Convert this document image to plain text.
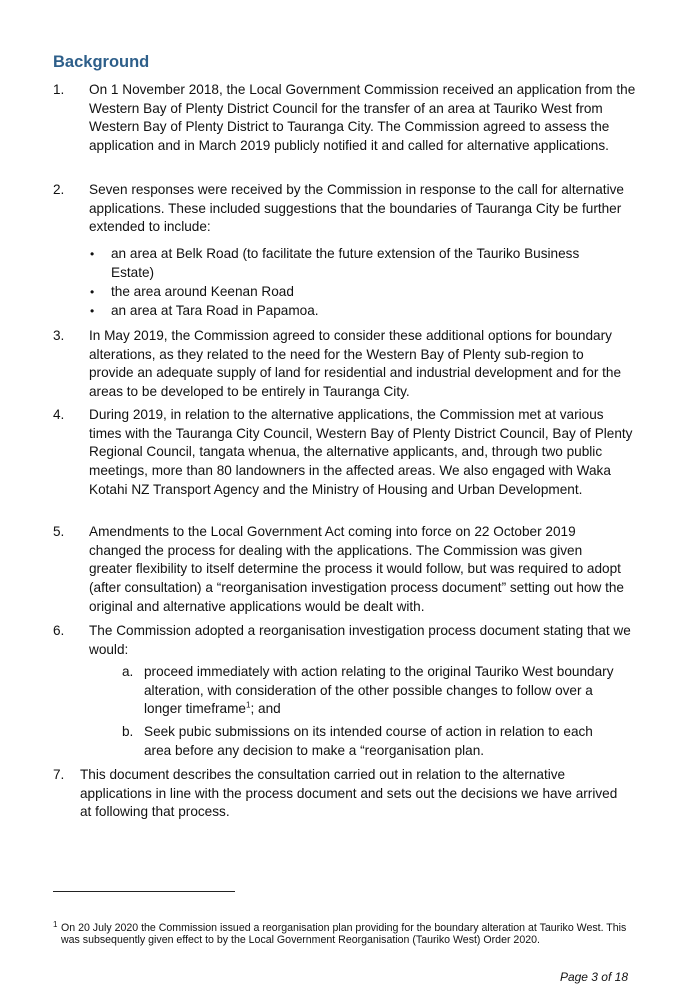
Background
1. On 1 November 2018, the Local Government Commission received an application from the Western Bay of Plenty District Council for the transfer of an area at Tauriko West from Western Bay of Plenty District to Tauranga City. The Commission agreed to assess the application and in March 2019 publicly notified it and called for alternative applications.
2. Seven responses were received by the Commission in response to the call for alternative applications. These included suggestions that the boundaries of Tauranga City be further extended to include:
• an area at Belk Road (to facilitate the future extension of the Tauriko Business Estate)
• the area around Keenan Road
• an area at Tara Road in Papamoa.
3. In May 2019, the Commission agreed to consider these additional options for boundary alterations, as they related to the need for the Western Bay of Plenty sub-region to provide an adequate supply of land for residential and industrial development and for the areas to be developed to be entirely in Tauranga City.
4. During 2019, in relation to the alternative applications, the Commission met at various times with the Tauranga City Council, Western Bay of Plenty District Council, Bay of Plenty Regional Council, tangata whenua, the alternative applicants, and, through two public meetings, more than 80 landowners in the affected areas. We also engaged with Waka Kotahi NZ Transport Agency and the Ministry of Housing and Urban Development.
5. Amendments to the Local Government Act coming into force on 22 October 2019 changed the process for dealing with the applications. The Commission was given greater flexibility to itself determine the process it would follow, but was required to adopt (after consultation) a “reorganisation investigation process document” setting out how the original and alternative applications would be dealt with.
6. The Commission adopted a reorganisation investigation process document stating that we would:
a. proceed immediately with action relating to the original Tauriko West boundary alteration, with consideration of the other possible changes to follow over a longer timeframe$^1$; and
b. Seek pubic submissions on its intended course of action in relation to each area before any decision to make a “reorganisation plan.
7. This document describes the consultation carried out in relation to the alternative applications in line with the process document and sets out the decisions we have arrived at following that process.
1 On 20 July 2020 the Commission issued a reorganisation plan providing for the boundary alteration at Tauriko West. This was subsequently given effect to by the Local Government Reorganisation (Tauriko West) Order 2020.
Page 3 of 18
